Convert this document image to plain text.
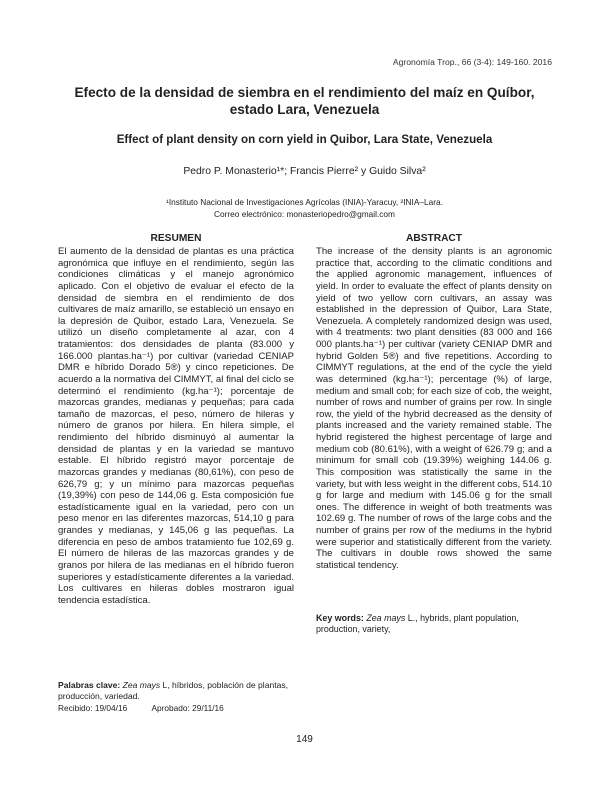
Agronomía Trop., 66 (3-4): 149-160. 2016
Efecto de la densidad de siembra en el rendimiento del maíz en Quíbor, estado Lara, Venezuela
Effect of plant density on corn yield in Quibor, Lara State, Venezuela
Pedro P. Monasterio¹*; Francis Pierre² y Guido Silva²
¹Instituto Nacional de Investigaciones Agrícolas (INIA)-Yaracuy, ²INIA–Lara.
Correo electrónico: monasteriopedro@gmail.com
RESUMEN	ABSTRACT
El aumento de la densidad de plantas es una práctica agronómica que influye en el rendimiento, según las condiciones climáticas y el manejo agronómico aplicado. Con el objetivo de evaluar el efecto de la densidad de siembra en el rendimiento de dos cultivares de maíz amarillo, se estableció un ensayo en la depresión de Quibor, estado Lara, Venezuela. Se utilizó un diseño completamente al azar, con 4 tratamientos: dos densidades de planta (83.000 y 166.000 plantas.ha⁻¹) por cultivar (variedad CENIAP DMR e híbrido Dorado 5®) y cinco repeticiones. De acuerdo a la normativa del CIMMYT, al final del ciclo se determinó el rendimiento (kg.ha⁻¹); porcentaje de mazorcas grandes, medianas y pequeñas; para cada tamaño de mazorcas, el peso, número de hileras y número de granos por hilera. En hilera simple, el rendimiento del híbrido disminuyó al aumentar la densidad de plantas y en la variedad se mantuvo estable. El híbrido registró mayor porcentaje de mazorcas grandes y medianas (80,61%), con peso de 626,79 g; y un mínimo para mazorcas pequeñas (19,39%) con peso de 144,06 g. Esta composición fue estadísticamente igual en la variedad, pero con un peso menor en las diferentes mazorcas, 514,10 g para grandes y medianas, y 145,06 g las pequeñas. La diferencia en peso de ambos tratamiento fue 102,69 g. El número de hileras de las mazorcas grandes y de granos por hilera de las medianas en el híbrido fueron superiores y estadísticamente diferentes a la variedad. Los cultivares en hileras dobles mostraron igual tendencia estadística.
The increase of the density plants is an agronomic practice that, according to the climatic conditions and the applied agronomic management, influences of yield. In order to evaluate the effect of plants density on yield of two yellow corn cultivars, an assay was established in the depression of Quibor, Lara State, Venezuela. A completely randomized design was used, with 4 treatments: two plant densities (83 000 and 166 000 plants.ha⁻¹) per cultivar (variety CENIAP DMR and hybrid Golden 5®) and five repetitions. According to CIMMYT regulations, at the end of the cycle the yield was determined (kg.ha⁻¹); percentage (%) of large, medium and small cob; for each size of cob, the weight, number of rows and number of grains per row. In single row, the yield of the hybrid decreased as the density of plants increased and the variety remained stable. The hybrid registered the highest percentage of large and medium cob (80.61%), with a weight of 626.79 g; and a minimum for small cob (19.39%) weighing 144.06 g. This composition was statistically the same in the variety, but with less weight in the different cobs, 514.10 g for large and medium with 145.06 g for the small ones. The difference in weight of both treatments was 102.69 g. The number of rows of the large cobs and the number of grains per row of the mediums in the hybrid were superior and statistically different from the variety. The cultivars in double rows showed the same statistical tendency.
Palabras clave: Zea mays L, híbridos, población de plantas, producción, variedad.
Key words: Zea mays L., hybrids, plant population, production, variety,
Recibido: 19/04/16	Aprobado: 29/11/16
149
